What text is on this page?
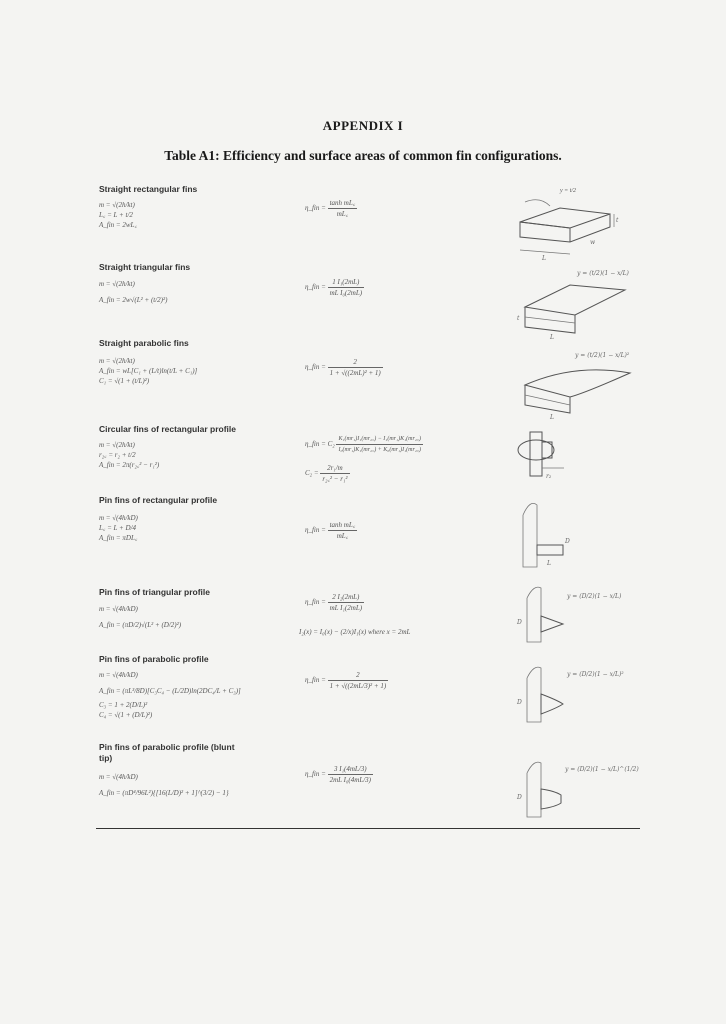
APPENDIX I
Table A1: Efficiency and surface areas of common fin configurations.
Straight rectangular fins
m = √(2h/kt)
L꜀ = L + t/2
A_fin = 2wL꜀
η_fin = $\frac{\text{tanh mL꜀}}{mL꜀}$
t
L
w
Straight triangular fins
m = √(2h/kt)
A_fin = 2w√(L² + (t/2)²)
η_fin = $\frac{\text{1 I₁(2mL)}}{\text{mL I₀(2mL)}}$
y = (t/2)(1 − x/L)
t
L
Straight parabolic fins
m = √(2h/kt)
A_fin = wL[C₁ + (L/t)ln(t/L + C₁)]
C₁ = √(1 + (t/L)²)
η_fin = $\frac{2}{\text{1 + √((2mL)² + 1)}}$
y = (t/2)(1 − x/L)²
L
Circular fins of rectangular profile
m = √(2h/kt)
r₂꜀ = r₂ + t/2
A_fin = 2π(r₂꜀² − r₁²)
η_fin = $C_2 \frac{\text{K₁(mr₁)I₁(mr₂꜀) − I₁(mr₁)K₁(mr₂꜀)}}{\text{I₀(mr₁)K₁(mr₂꜀) + K₀(mr₁)I₁(mr₂꜀)}}$
$C_2 = \frac{\text{2r₁/m}}{\text{r₂꜀² − r₁²}}$	r₂
Pin fins of rectangular profile
m = √(4h/kD)
L꜀ = L + D/4
A_fin = πDL꜀
η_fin = $\frac{\text{tanh mL꜀}}{mL꜀}$
D
L
Pin fins of triangular profile
m = √(4h/kD)
A_fin = (πD/2)√(L² + (D/2)²)
η_fin = $\frac{\text{2 I₂(2mL)}}{\text{mL I₁(2mL)}}$
I₂(x) = I₀(x) − (2/x)I₁(x) where x = 2mL
y = (D/2)(1 − x/L)
D
Pin fins of parabolic profile
m = √(4h/kD)
A_fin = (πL³/8D)[C₃C₄ − (L/2D)ln(2DC₄/L + C₃)]
C₃ = 1 + 2(D/L)²
C₄ = √(1 + (D/L)²)
η_fin = $\frac{2}{\text{1 + √((2mL/3)² + 1)}}$	y = (D/2)(1 − x/L)²
D
Pin fins of parabolic profile (blunt tip)
m = √(4h/kD)
A_fin = (πD⁴/96L²){[16(L/D)² + 1]^(3/2) − 1}
η_fin = $\frac{\text{3 I₁(4mL/3)}}{\text{2mL I₀(4mL/3)}}$	y = (D/2)(1 − x/L)^(1/2)
D
y = t/2
